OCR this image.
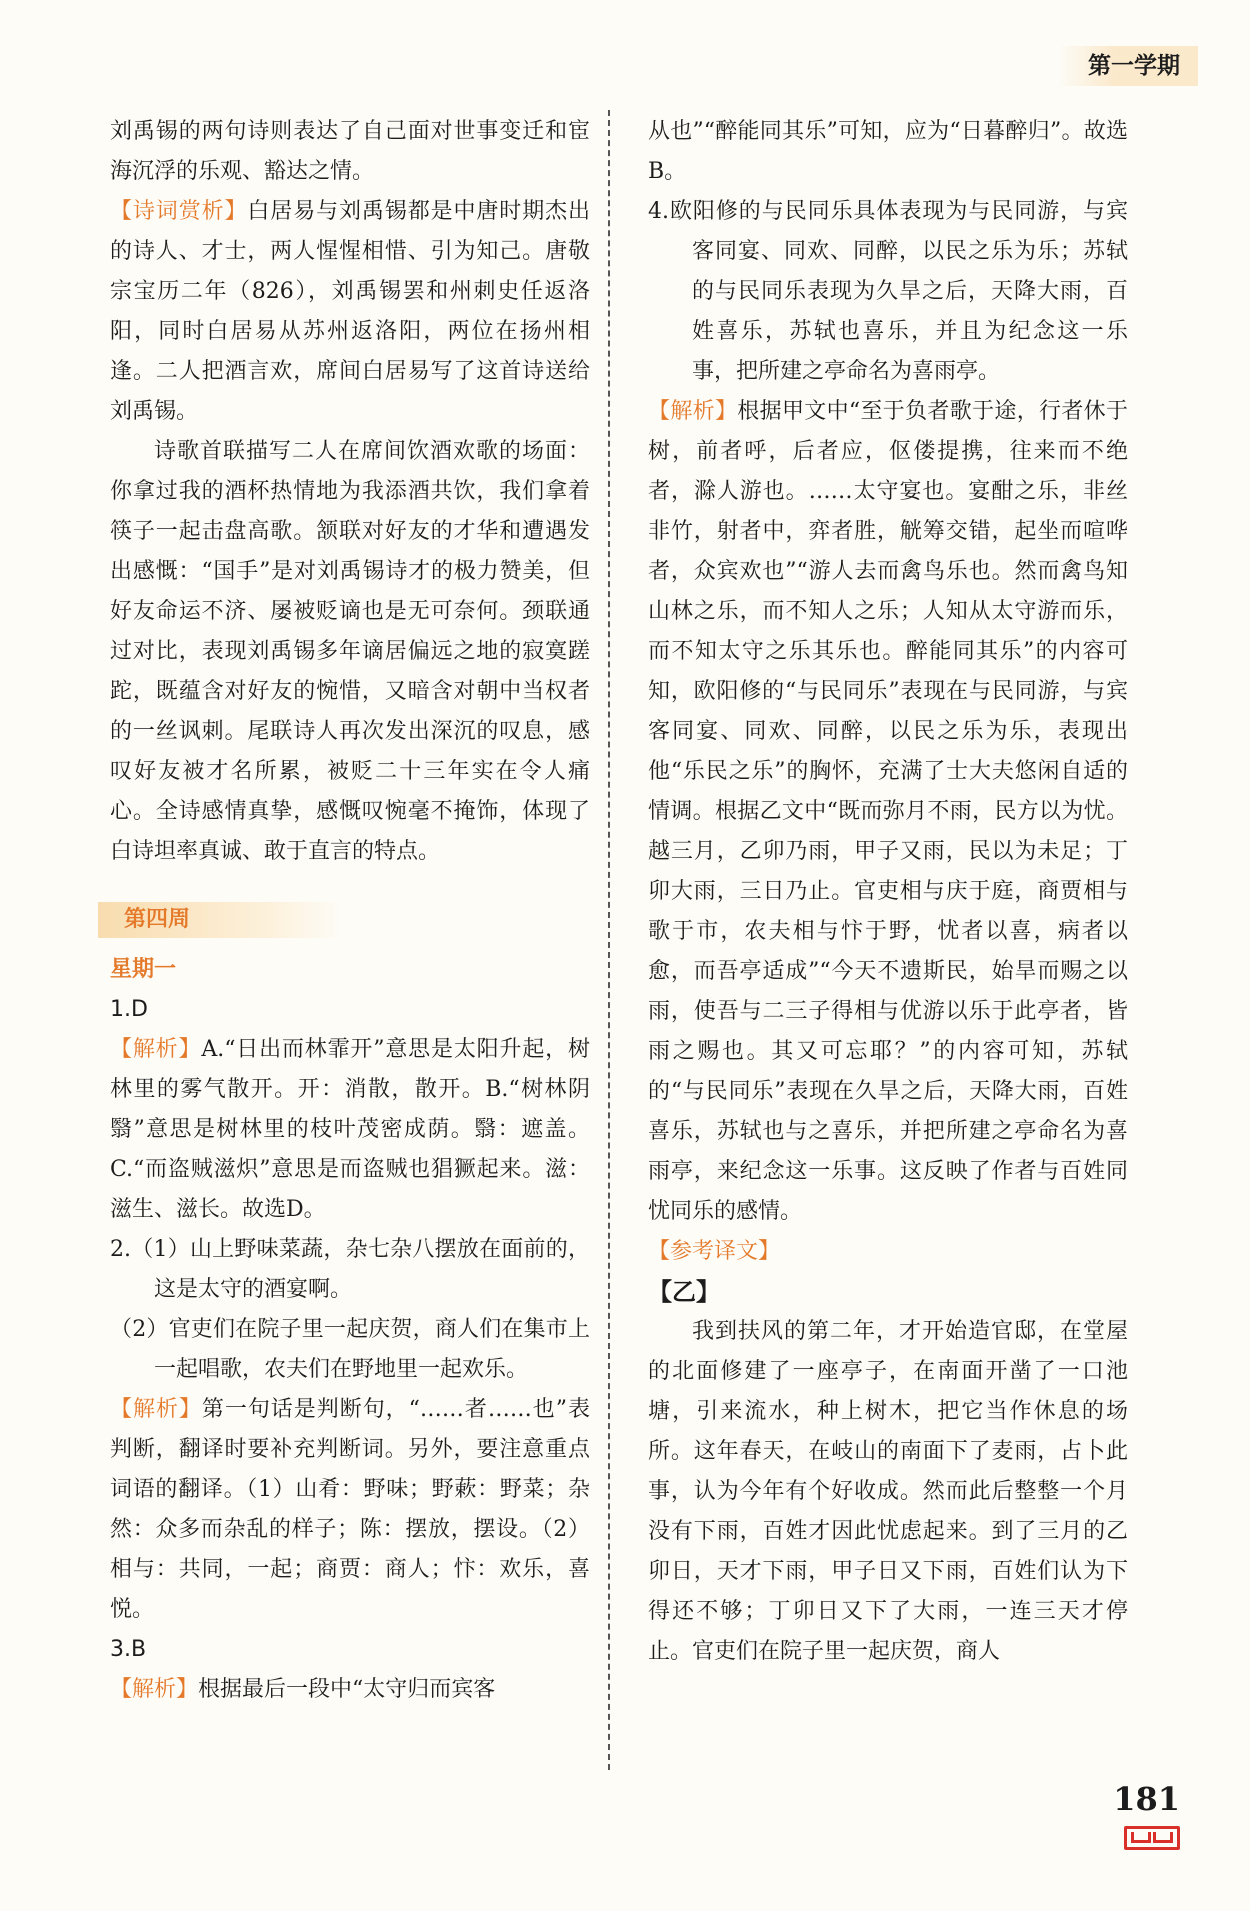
第一学期

刘禹锡的两句诗则表达了自己面对世事变迁和宦海沉浮的乐观、豁达之情。

【诗词赏析】白居易与刘禹锡都是中唐时期杰出的诗人、才士，两人惺惺相惜、引为知己。唐敬宗宝历二年（826），刘禹锡罢和州刺史任返洛阳，同时白居易从苏州返洛阳，两位在扬州相逢。二人把酒言欢，席间白居易写了这首诗送给刘禹锡。

诗歌首联描写二人在席间饮酒欢歌的场面：你拿过我的酒杯热情地为我添酒共饮，我们拿着筷子一起击盘高歌。颔联对好友的才华和遭遇发出感慨：“国手”是对刘禹锡诗才的极力赞美，但好友命运不济、屡被贬谪也是无可奈何。颈联通过对比，表现刘禹锡多年谪居偏远之地的寂寞蹉跎，既蕴含对好友的惋惜，又暗含对朝中当权者的一丝讽刺。尾联诗人再次发出深沉的叹息，感叹好友被才名所累，被贬二十三年实在令人痛心。全诗感情真挚，感慨叹惋毫不掩饰，体现了白诗坦率真诚、敢于直言的特点。

第四周

星期一

1.D

【解析】A.“日出而林霏开”意思是太阳升起，树林里的雾气散开。开：消散，散开。B.“树林阴翳”意思是树林里的枝叶茂密成荫。翳：遮盖。C.“而盗贼滋炽”意思是而盗贼也猖獗起来。滋：滋生、滋长。故选D。

2.（1）山上野味菜蔬，杂七杂八摆放在面前的，这是太守的酒宴啊。

（2）官吏们在院子里一起庆贺，商人们在集市上一起唱歌，农夫们在野地里一起欢乐。

【解析】第一句话是判断句，“……者……也”表判断，翻译时要补充判断词。另外，要注意重点词语的翻译。（1）山肴：野味；野蔌：野菜；杂然：众多而杂乱的样子；陈：摆放，摆设。（2）相与：共同，一起；商贾：商人；忭：欢乐，喜悦。

3.B

【解析】根据最后一段中“太守归而宾客

从也”“醉能同其乐”可知，应为“日暮醉归”。故选B。

4.欧阳修的与民同乐具体表现为与民同游，与宾客同宴、同欢、同醉，以民之乐为乐；苏轼的与民同乐表现为久旱之后，天降大雨，百姓喜乐，苏轼也喜乐，并且为纪念这一乐事，把所建之亭命名为喜雨亭。

【解析】根据甲文中“至于负者歌于途，行者休于树，前者呼，后者应，伛偻提携，往来而不绝者，滁人游也。……太守宴也。宴酣之乐，非丝非竹，射者中，弈者胜，觥筹交错，起坐而喧哗者，众宾欢也”“游人去而禽鸟乐也。然而禽鸟知山林之乐，而不知人之乐；人知从太守游而乐，而不知太守之乐其乐也。醉能同其乐”的内容可知，欧阳修的“与民同乐”表现在与民同游，与宾客同宴、同欢、同醉，以民之乐为乐，表现出他“乐民之乐”的胸怀，充满了士大夫悠闲自适的情调。根据乙文中“既而弥月不雨，民方以为忧。越三月，乙卯乃雨，甲子又雨，民以为未足；丁卯大雨，三日乃止。官吏相与庆于庭，商贾相与歌于市，农夫相与忭于野，忧者以喜，病者以愈，而吾亭适成”“今天不遗斯民，始旱而赐之以雨，使吾与二三子得相与优游以乐于此亭者，皆雨之赐也。其又可忘耶？”的内容可知，苏轼的“与民同乐”表现在久旱之后，天降大雨，百姓喜乐，苏轼也与之喜乐，并把所建之亭命名为喜雨亭，来纪念这一乐事。这反映了作者与百姓同忧同乐的感情。

【参考译文】

【乙】

我到扶风的第二年，才开始造官邸，在堂屋的北面修建了一座亭子，在南面开凿了一口池塘，引来流水，种上树木，把它当作休息的场所。这年春天，在岐山的南面下了麦雨，占卜此事，认为今年有个好收成。然而此后整整一个月没有下雨，百姓才因此忧虑起来。到了三月的乙卯日，天才下雨，甲子日又下雨，百姓们认为下得还不够；丁卯日又下了大雨，一连三天才停止。官吏们在院子里一起庆贺，商人

181
